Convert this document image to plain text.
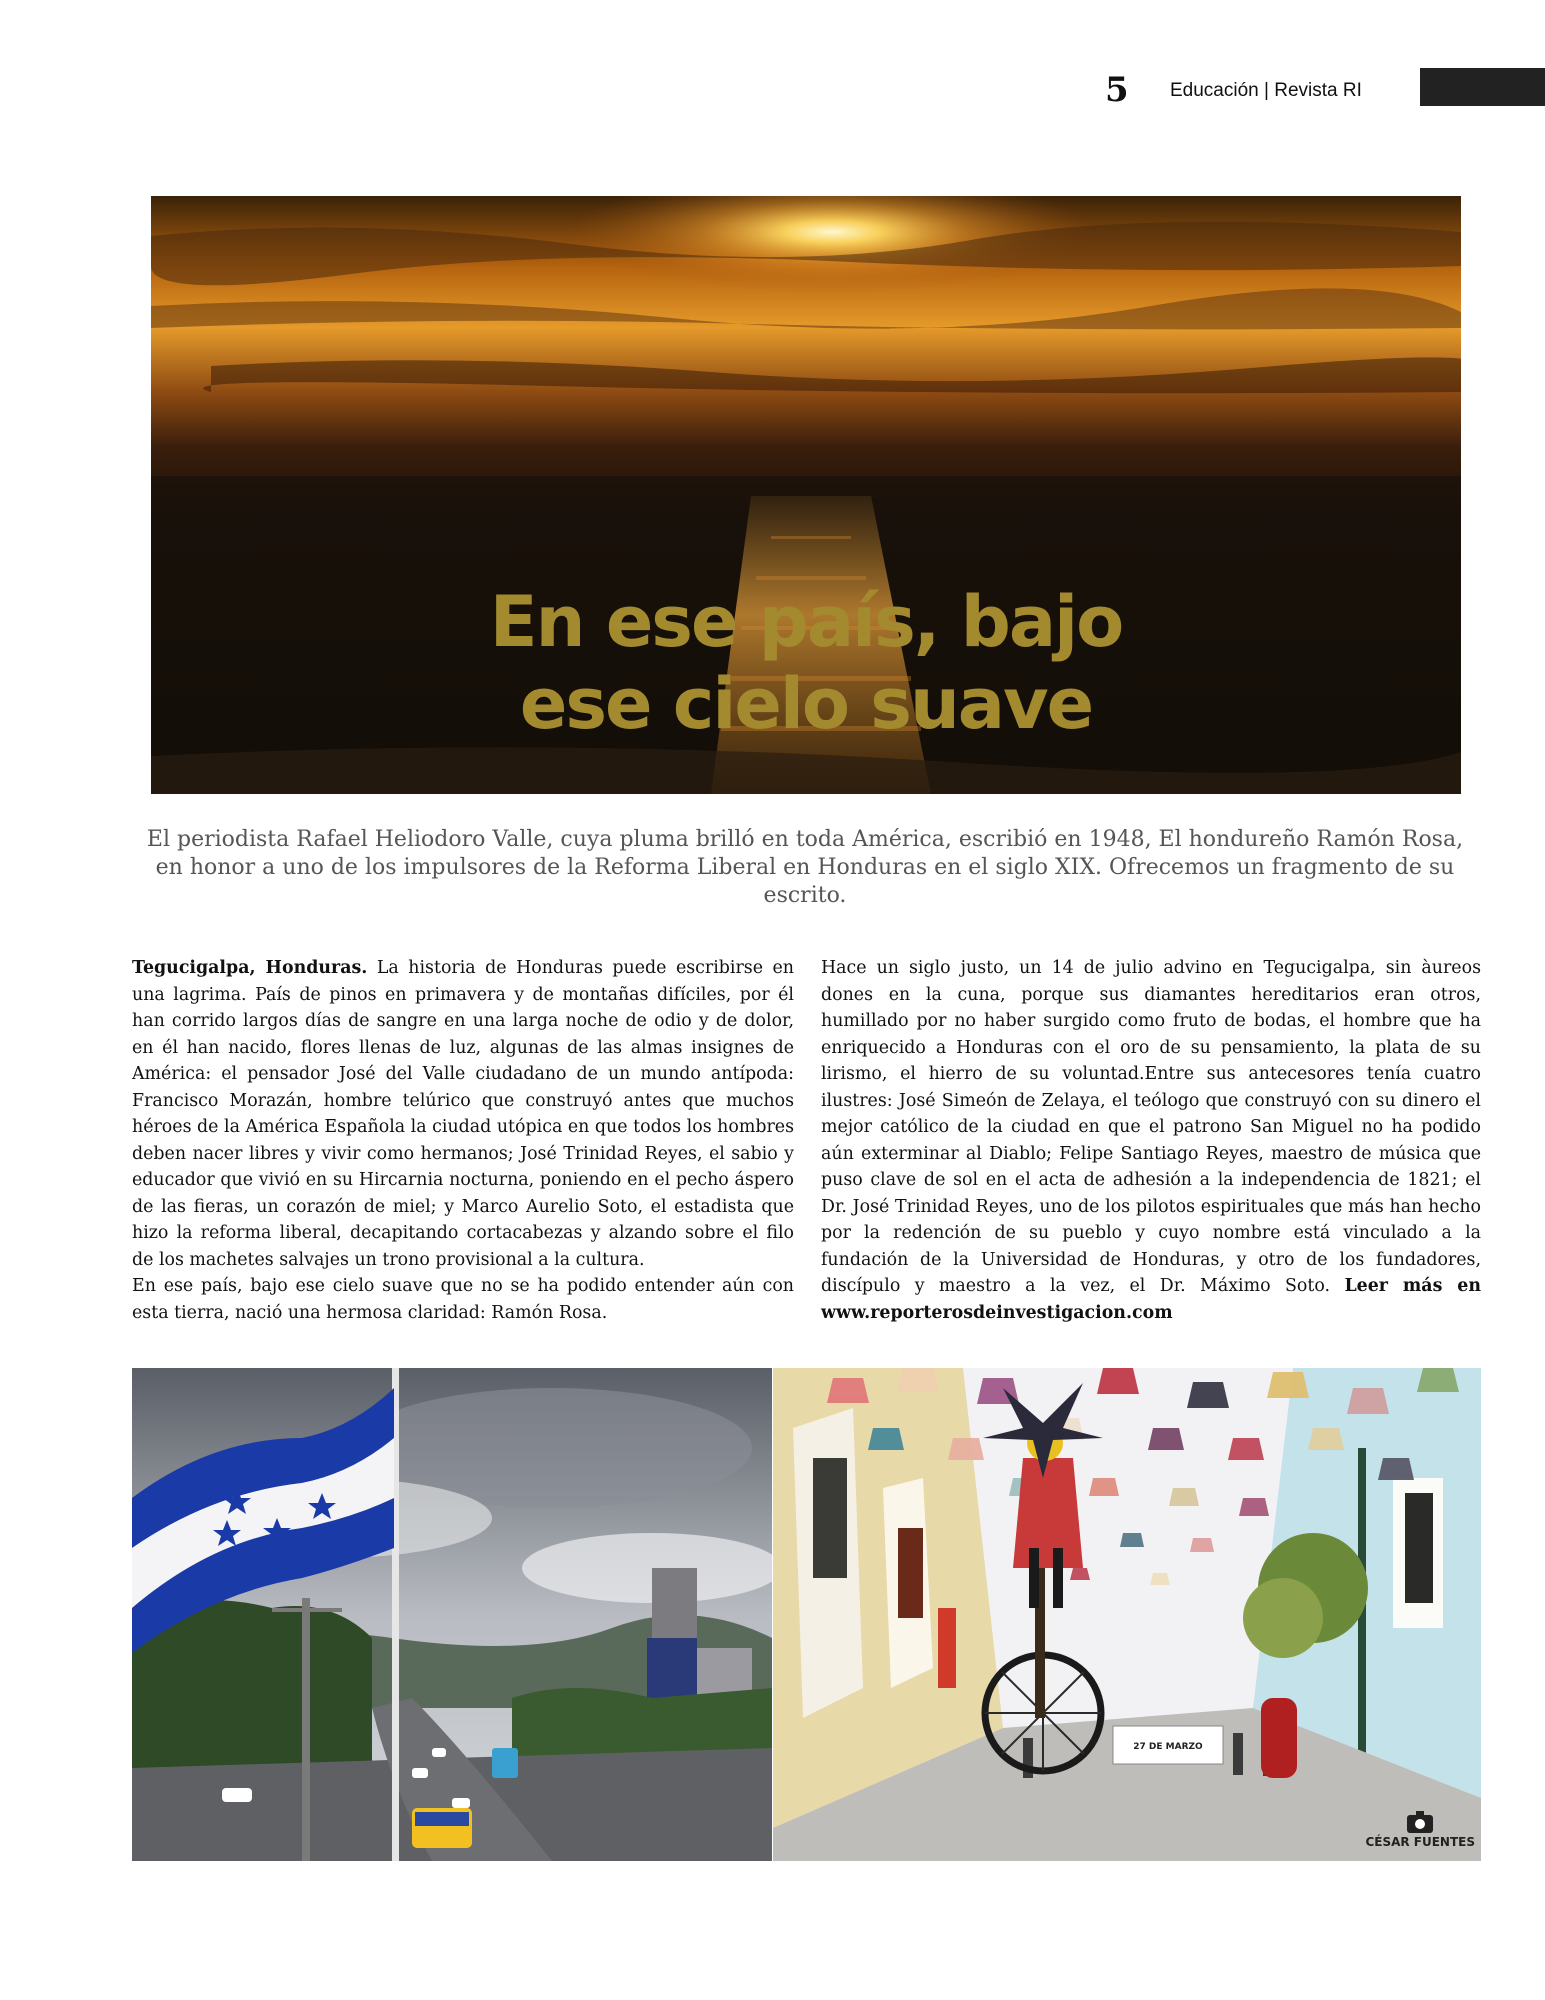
5 Educación | Revista RI
En ese país, bajo
ese cielo suave
El periodista Rafael Heliodoro Valle, cuya pluma brilló en toda América, escribió en 1948, El hondureño Ramón Rosa, en honor a uno de los impulsores de la Reforma Liberal en Honduras en el siglo XIX. Ofrecemos un fragmento de su escrito.
Tegucigalpa, Honduras. La historia de Honduras puede escribirse en una lagrima. País de pinos en primavera y de montañas difíciles, por él han corrido largos días de sangre en una larga noche de odio y de dolor, en él han nacido, flores llenas de luz, algunas de las almas insignes de América: el pensador José del Valle ciudadano de un mundo antípoda: Francisco Morazán, hombre telúrico que construyó antes que muchos héroes de la América Española la ciudad utópica en que todos los hombres deben nacer libres y vivir como hermanos; José Trinidad Reyes, el sabio y educador que vivió en su Hircarnia nocturna, poniendo en el pecho áspero de las fieras, un corazón de miel; y Marco Aurelio Soto, el estadista que hizo la reforma liberal, decapitando cortacabezas y alzando sobre el filo de los machetes salvajes un trono provisional a la cultura.
En ese país, bajo ese cielo suave que no se ha podido entender aún con esta tierra, nació una hermosa claridad: Ramón Rosa.
Hace un siglo justo, un 14 de julio advino en Tegucigalpa, sin àureos dones en la cuna, porque sus diamantes hereditarios eran otros, humillado por no haber surgido como fruto de bodas, el hombre que ha enriquecido a Honduras con el oro de su pensamiento, la plata de su lirismo, el hierro de su voluntad.Entre sus antecesores tenía cuatro ilustres: José Simeón de Zelaya, el teólogo que construyó con su dinero el mejor católico de la ciudad en que el patrono San Miguel no ha podido aún exterminar al Diablo; Felipe Santiago Reyes, maestro de música que puso clave de sol en el acta de adhesión a la independencia de 1821; el Dr. José Trinidad Reyes, uno de los pilotos espirituales que más han hecho por la redención de su pueblo y cuyo nombre está vinculado a la fundación de la Universidad de Honduras, y otro de los fundadores, discípulo y maestro a la vez, el Dr. Máximo Soto. Leer más en www.reporterosdeinvestigacion.com
27 DE MARZO
CÉSAR FUENTES
